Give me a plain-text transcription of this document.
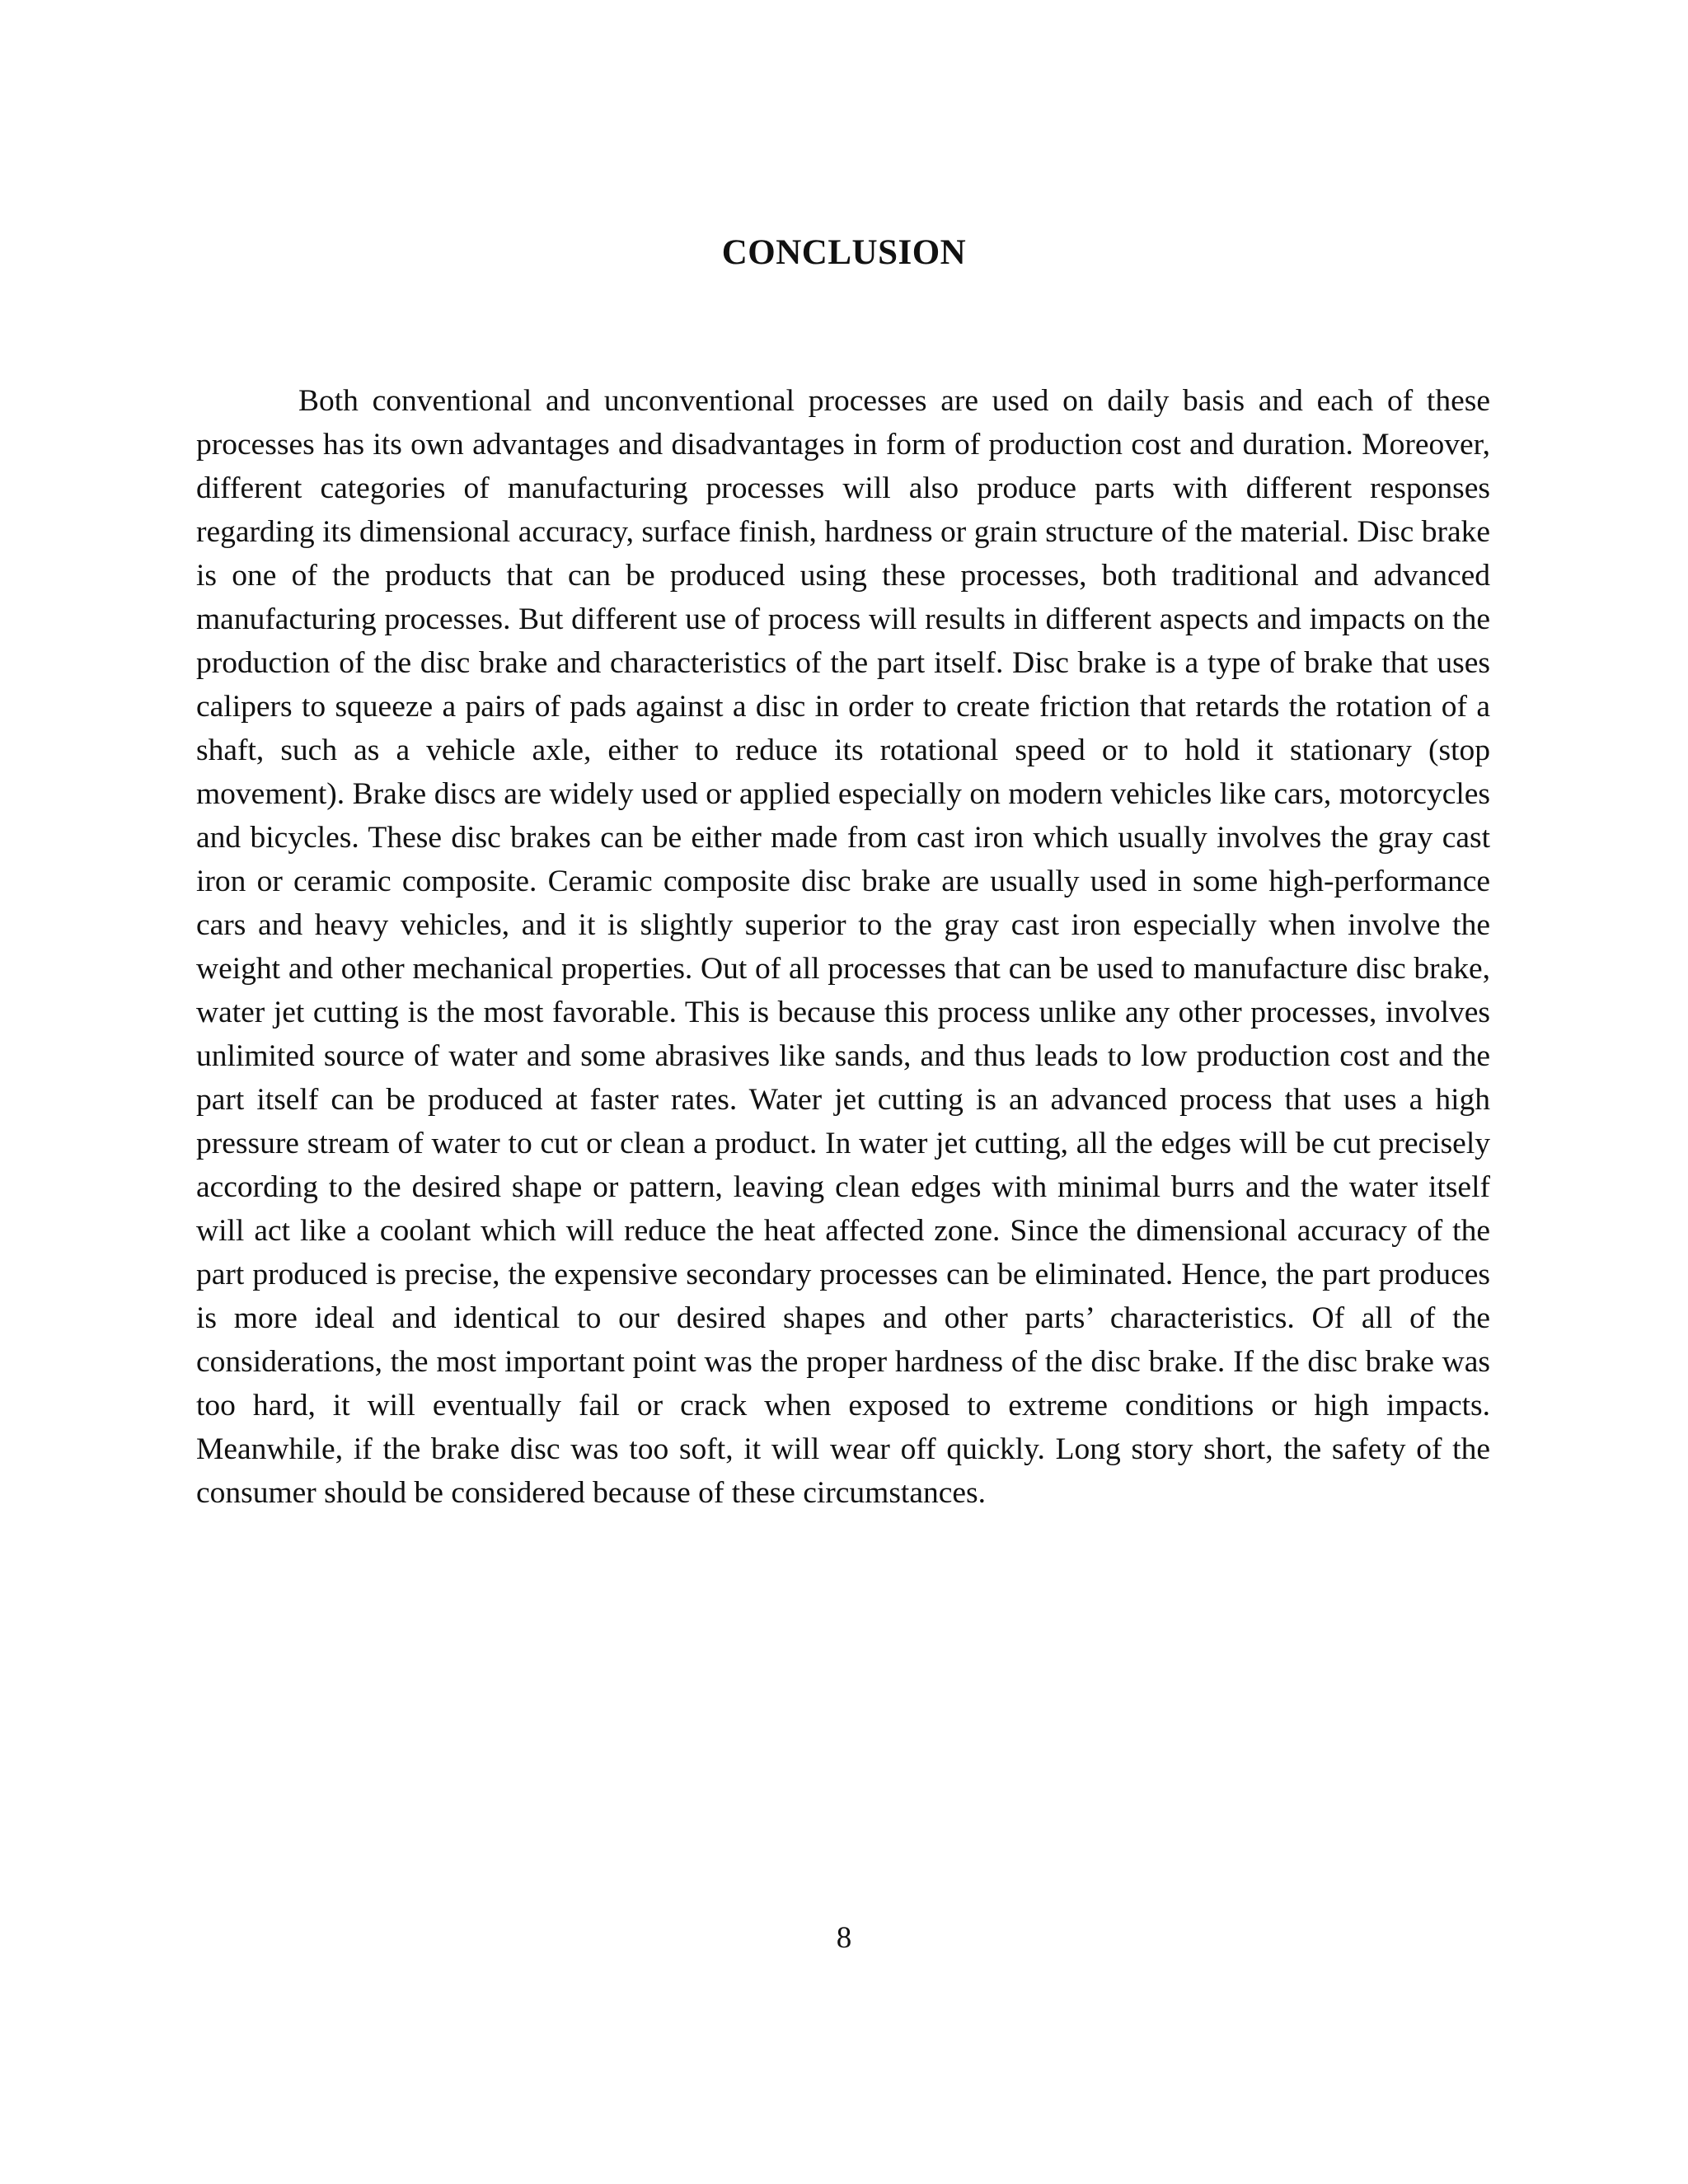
CONCLUSION

Both conventional and unconventional processes are used on daily basis and each of these processes has its own advantages and disadvantages in form of production cost and duration. Moreover, different categories of manufacturing processes will also produce parts with different responses regarding its dimensional accuracy, surface finish, hardness or grain structure of the material. Disc brake is one of the products that can be produced using these processes, both traditional and advanced manufacturing processes. But different use of process will results in different aspects and impacts on the production of the disc brake and characteristics of the part itself. Disc brake is a type of brake that uses calipers to squeeze a pairs of pads against a disc in order to create friction that retards the rotation of a shaft, such as a vehicle axle, either to reduce its rotational speed or to hold it stationary (stop movement). Brake discs are widely used or applied especially on modern vehicles like cars, motorcycles and bicycles. These disc brakes can be either made from cast iron which usually involves the gray cast iron or ceramic composite. Ceramic composite disc brake are usually used in some high-performance cars and heavy vehicles, and it is slightly superior to the gray cast iron especially when involve the weight and other mechanical properties. Out of all processes that can be used to manufacture disc brake, water jet cutting is the most favorable. This is because this process unlike any other processes, involves unlimited source of water and some abrasives like sands, and thus leads to low production cost and the part itself can be produced at faster rates. Water jet cutting is an advanced process that uses a high pressure stream of water to cut or clean a product. In water jet cutting, all the edges will be cut precisely according to the desired shape or pattern, leaving clean edges with minimal burrs and the water itself will act like a coolant which will reduce the heat affected zone. Since the dimensional accuracy of the part produced is precise, the expensive secondary processes can be eliminated. Hence, the part produces is more ideal and identical to our desired shapes and other parts’ characteristics. Of all of the considerations, the most important point was the proper hardness of the disc brake. If the disc brake was too hard, it will eventually fail or crack when exposed to extreme conditions or high impacts. Meanwhile, if the brake disc was too soft, it will wear off quickly. Long story short, the safety of the consumer should be considered because of these circumstances.

8
